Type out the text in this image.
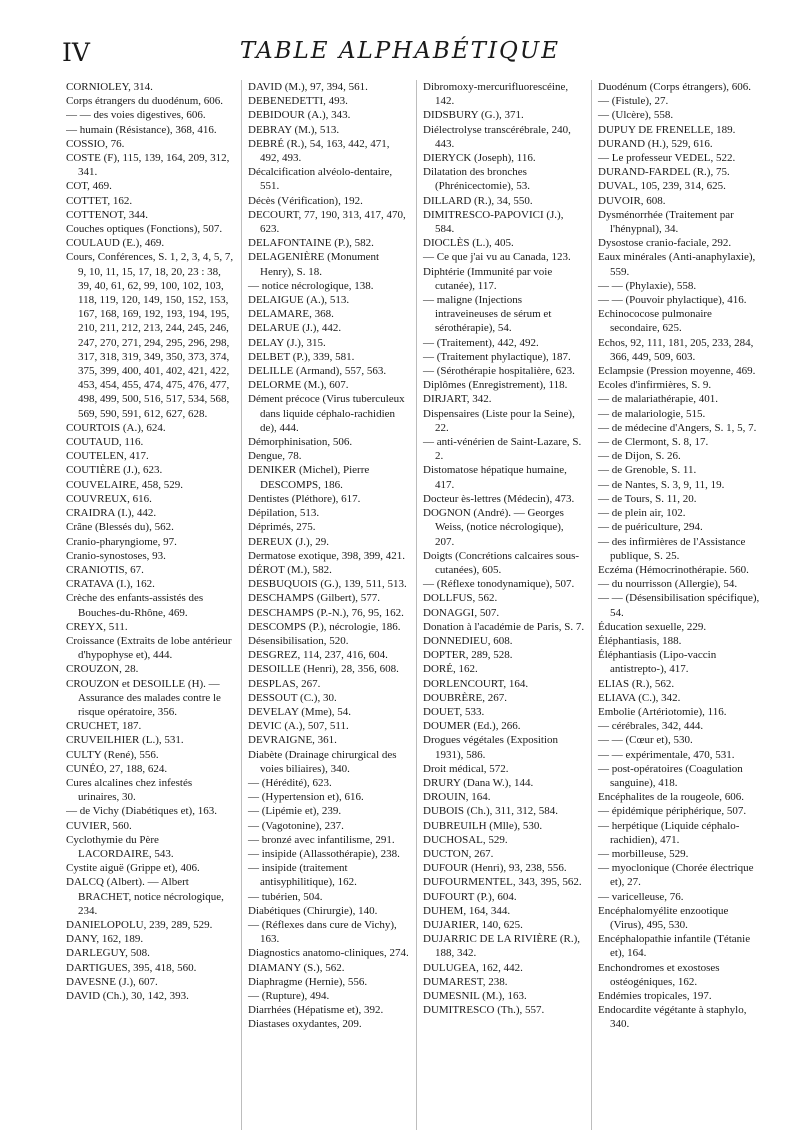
IV	TABLE ALPHABÉTIQUE
CORNIOLEY, 314.
Corps étrangers du duodénum, 606.
— — des voies digestives, 606.
— humain (Résistance), 368, 416.
COSSIO, 76.
COSTE (F), 115, 139, 164, 209, 312, 341.
COT, 469.
COTTET, 162.
COTTENOT, 344.
Couches optiques (Fonctions), 507.
COULAUD (E.), 469.
Cours, Conférences, S. 1, 2, 3, 4, 5, 7, 9, 10, 11, 15, 17, 18, 20, 23 : 38, 39, 40, 61, 62, 99, 100, 102, 103, 118, 119, 120, 149, 150, 152, 153, 167, 168, 169, 192, 193, 194, 195, 210, 211, 212, 213, 244, 245, 246, 247, 270, 271, 294, 295, 296, 298, 317, 318, 319, 349, 350, 373, 374, 375, 399, 400, 401, 402, 421, 422, 453, 454, 455, 474, 475, 476, 477, 498, 499, 500, 516, 517, 534, 568, 569, 590, 591, 612, 627, 628.
COURTOIS (A.), 624.
COUTAUD, 116.
COUTELEN, 417.
COUTIÈRE (J.), 623.
COUVELAIRE, 458, 529.
COUVREUX, 616.
CRAIDRA (I.), 442.
Crâne (Blessés du), 562.
Cranio-pharyngiome, 97.
Cranio-synostoses, 93.
CRANIOTIS, 67.
CRATAVA (I.), 162.
Crèche des enfants-assistés des Bouches-du-Rhône, 469.
CREYX, 511.
Croissance (Extraits de lobe antérieur d'hypophyse et), 444.
CROUZON, 28.
CROUZON et DESOILLE (H). — Assurance des malades contre le risque opératoire, 356.
CRUCHET, 187.
CRUVEILHIER (L.), 531.
CULTY (René), 556.
CUNÉO, 27, 188, 624.
Cures alcalines chez infestés urinaires, 30.
— de Vichy (Diabétiques et), 163.
CUVIER, 560.
Cyclothymie du Père LACORDAIRE, 543.
Cystite aiguë (Grippe et), 406.
DALCQ (Albert). — Albert BRACHET, notice nécrologique, 234.
DANIELOPOLU, 239, 289, 529.
DANY, 162, 189.
DARLEGUY, 508.
DARTIGUES, 395, 418, 560.
DAVESNE (J.), 607.
DAVID (Ch.), 30, 142, 393.
DAVID (M.), 97, 394, 561.
DEBENEDETTI, 493.
DEBIDOUR (A.), 343.
DEBRAY (M.), 513.
DEBRÉ (R.), 54, 163, 442, 471, 492, 493.
Décalcification alvéolo-dentaire, 551.
Décès (Vérification), 192.
DECOURT, 77, 190, 313, 417, 470, 623.
DELAFONTAINE (P.), 582.
DELAGENIÈRE (Monument Henry), S. 18.
— notice nécrologique, 138.
DELAIGUE (A.), 513.
DELAMARE, 368.
DELARUE (J.), 442.
DELAY (J.), 315.
DELBET (P.), 339, 581.
DELILLE (Armand), 557, 563.
DELORME (M.), 607.
Dément précoce (Virus tuberculeux dans liquide céphalo-rachidien de), 444.
Démorphinisation, 506.
Dengue, 78.
DENIKER (Michel), Pierre DESCOMPS, 186.
Dentistes (Pléthore), 617.
Dépilation, 513.
Déprimés, 275.
DEREUX (J.), 29.
Dermatose exotique, 398, 399, 421.
DÉROT (M.), 582.
DESBUQUOIS (G.), 139, 511, 513.
DESCHAMPS (Gilbert), 577.
DESCHAMPS (P.-N.), 76, 95, 162.
DESCOMPS (P.), nécrologie, 186.
Désensibilisation, 520.
DESGREZ, 114, 237, 416, 604.
DESOILLE (Henri), 28, 356, 608.
DESPLAS, 267.
DESSOUT (C.), 30.
DEVELAY (Mme), 54.
DEVIC (A.), 507, 511.
DEVRAIGNE, 361.
Diabète (Drainage chirurgical des voies biliaires), 340.
— (Hérédité), 623.
— (Hypertension et), 616.
— (Lipémie et), 239.
— (Vagotonine), 237.
— bronzé avec infantilisme, 291.
— insipide (Allassothérapie), 238.
— insipide (traitement antisyphilitique), 162.
— tubérien, 504.
Diabétiques (Chirurgie), 140.
— (Réflexes dans cure de Vichy), 163.
Diagnostics anatomo-cliniques, 274.
DIAMANY (S.), 562.
Diaphragme (Hernie), 556.
— (Rupture), 494.
Diarrhées (Hépatisme et), 392.
Diastases oxydantes, 209.
Dibromoxy-mercurifluorescéine, 142.
DIDSBURY (G.), 371.
Diélectrolyse transcérébrale, 240, 443.
DIERYCK (Joseph), 116.
Dilatation des bronches (Phrénicectomie), 53.
DILLARD (R.), 34, 550.
DIMITRESCO-PAPOVICI (J.), 584.
DIOCLÈS (L.), 405.
— Ce que j'ai vu au Canada, 123.
Diphtérie (Immunité par voie cutanée), 117.
— maligne (Injections intraveineuses de sérum et sérothérapie), 54.
— (Traitement), 442, 492.
— (Traitement phylactique), 187.
— (Sérothérapie hospitalière, 623.
Diplômes (Enregistrement), 118.
DIRJART, 342.
Dispensaires (Liste pour la Seine), 22.
— anti-vénérien de Saint-Lazare, S. 2.
Distomatose hépatique humaine, 417.
Docteur ès-lettres (Médecin), 473.
DOGNON (André). — Georges Weiss, (notice nécrologique), 207.
Doigts (Concrétions calcaires sous-cutanées), 605.
— (Réflexe tonodynamique), 507.
DOLLFUS, 562.
DONAGGI, 507.
Donation à l'académie de Paris, S. 7.
DONNEDIEU, 608.
DOPTER, 289, 528.
DORÉ, 162.
DORLENCOURT, 164.
DOUBRÈRE, 267.
DOUET, 533.
DOUMER (Ed.), 266.
Drogues végétales (Exposition 1931), 586.
Droit médical, 572.
DRURY (Dana W.), 144.
DROUIN, 164.
DUBOIS (Ch.), 311, 312, 584.
DUBREUILH (Mlle), 530.
DUCHOSAL, 529.
DUCTON, 267.
DUFOUR (Henri), 93, 238, 556.
DUFOURMENTEL, 343, 395, 562.
DUFOURT (P.), 604.
DUHEM, 164, 344.
DUJARIER, 140, 625.
DUJARRIC DE LA RIVIÈRE (R.), 188, 342.
DULUGEA, 162, 442.
DUMAREST, 238.
DUMESNIL (M.), 163.
DUMITRESCO (Th.), 557.
Duodénum (Corps étrangers), 606.
— (Fistule), 27.
— (Ulcère), 558.
DUPUY DE FRENELLE, 189.
DURAND (H.), 529, 616.
— Le professeur VEDEL, 522.
DURAND-FARDEL (R.), 75.
DUVAL, 105, 239, 314, 625.
DUVOIR, 608.
Dysménorrhée (Traitement par l'hénypnal), 34.
Dysostose cranio-faciale, 292.
Eaux minérales (Anti-anaphylaxie), 559.
— — (Phylaxie), 558.
— — (Pouvoir phylactique), 416.
Echinococose pulmonaire secondaire, 625.
Echos, 92, 111, 181, 205, 233, 284, 366, 449, 509, 603.
Eclampsie (Pression moyenne, 469.
Ecoles d'infirmières, S. 9.
— de malariathérapie, 401.
— de malariologie, 515.
— de médecine d'Angers, S. 1, 5, 7.
— de Clermont, S. 8, 17.
— de Dijon, S. 26.
— de Grenoble, S. 11.
— de Nantes, S. 3, 9, 11, 19.
— de Tours, S. 11, 20.
— de plein air, 102.
— de puériculture, 294.
— des infirmières de l'Assistance publique, S. 25.
Eczéma (Hémocrinothérapie. 560.
— du nourrisson (Allergie), 54.
— — (Désensibilisation spécifique), 54.
Éducation sexuelle, 229.
Éléphantiasis, 188.
Éléphantiasis (Lipo-vaccin antistrepto-), 417.
ELIAS (R.), 562.
ELIAVA (C.), 342.
Embolie (Artériotomie), 116.
— cérébrales, 342, 444.
— — (Cœur et), 530.
— — expérimentale, 470, 531.
— post-opératoires (Coagulation sanguine), 418.
Encéphalites de la rougeole, 606.
— épidémique périphérique, 507.
— herpétique (Liquide céphalo-rachidien), 471.
— morbilleuse, 529.
— myoclonique (Chorée électrique et), 27.
— varicelleuse, 76.
Encéphalomyélite enzootique (Virus), 495, 530.
Encéphalopathie infantile (Tétanie et), 164.
Enchondromes et exostoses ostéogéniques, 162.
Endémies tropicales, 197.
Endocardite végétante à staphylo, 340.
